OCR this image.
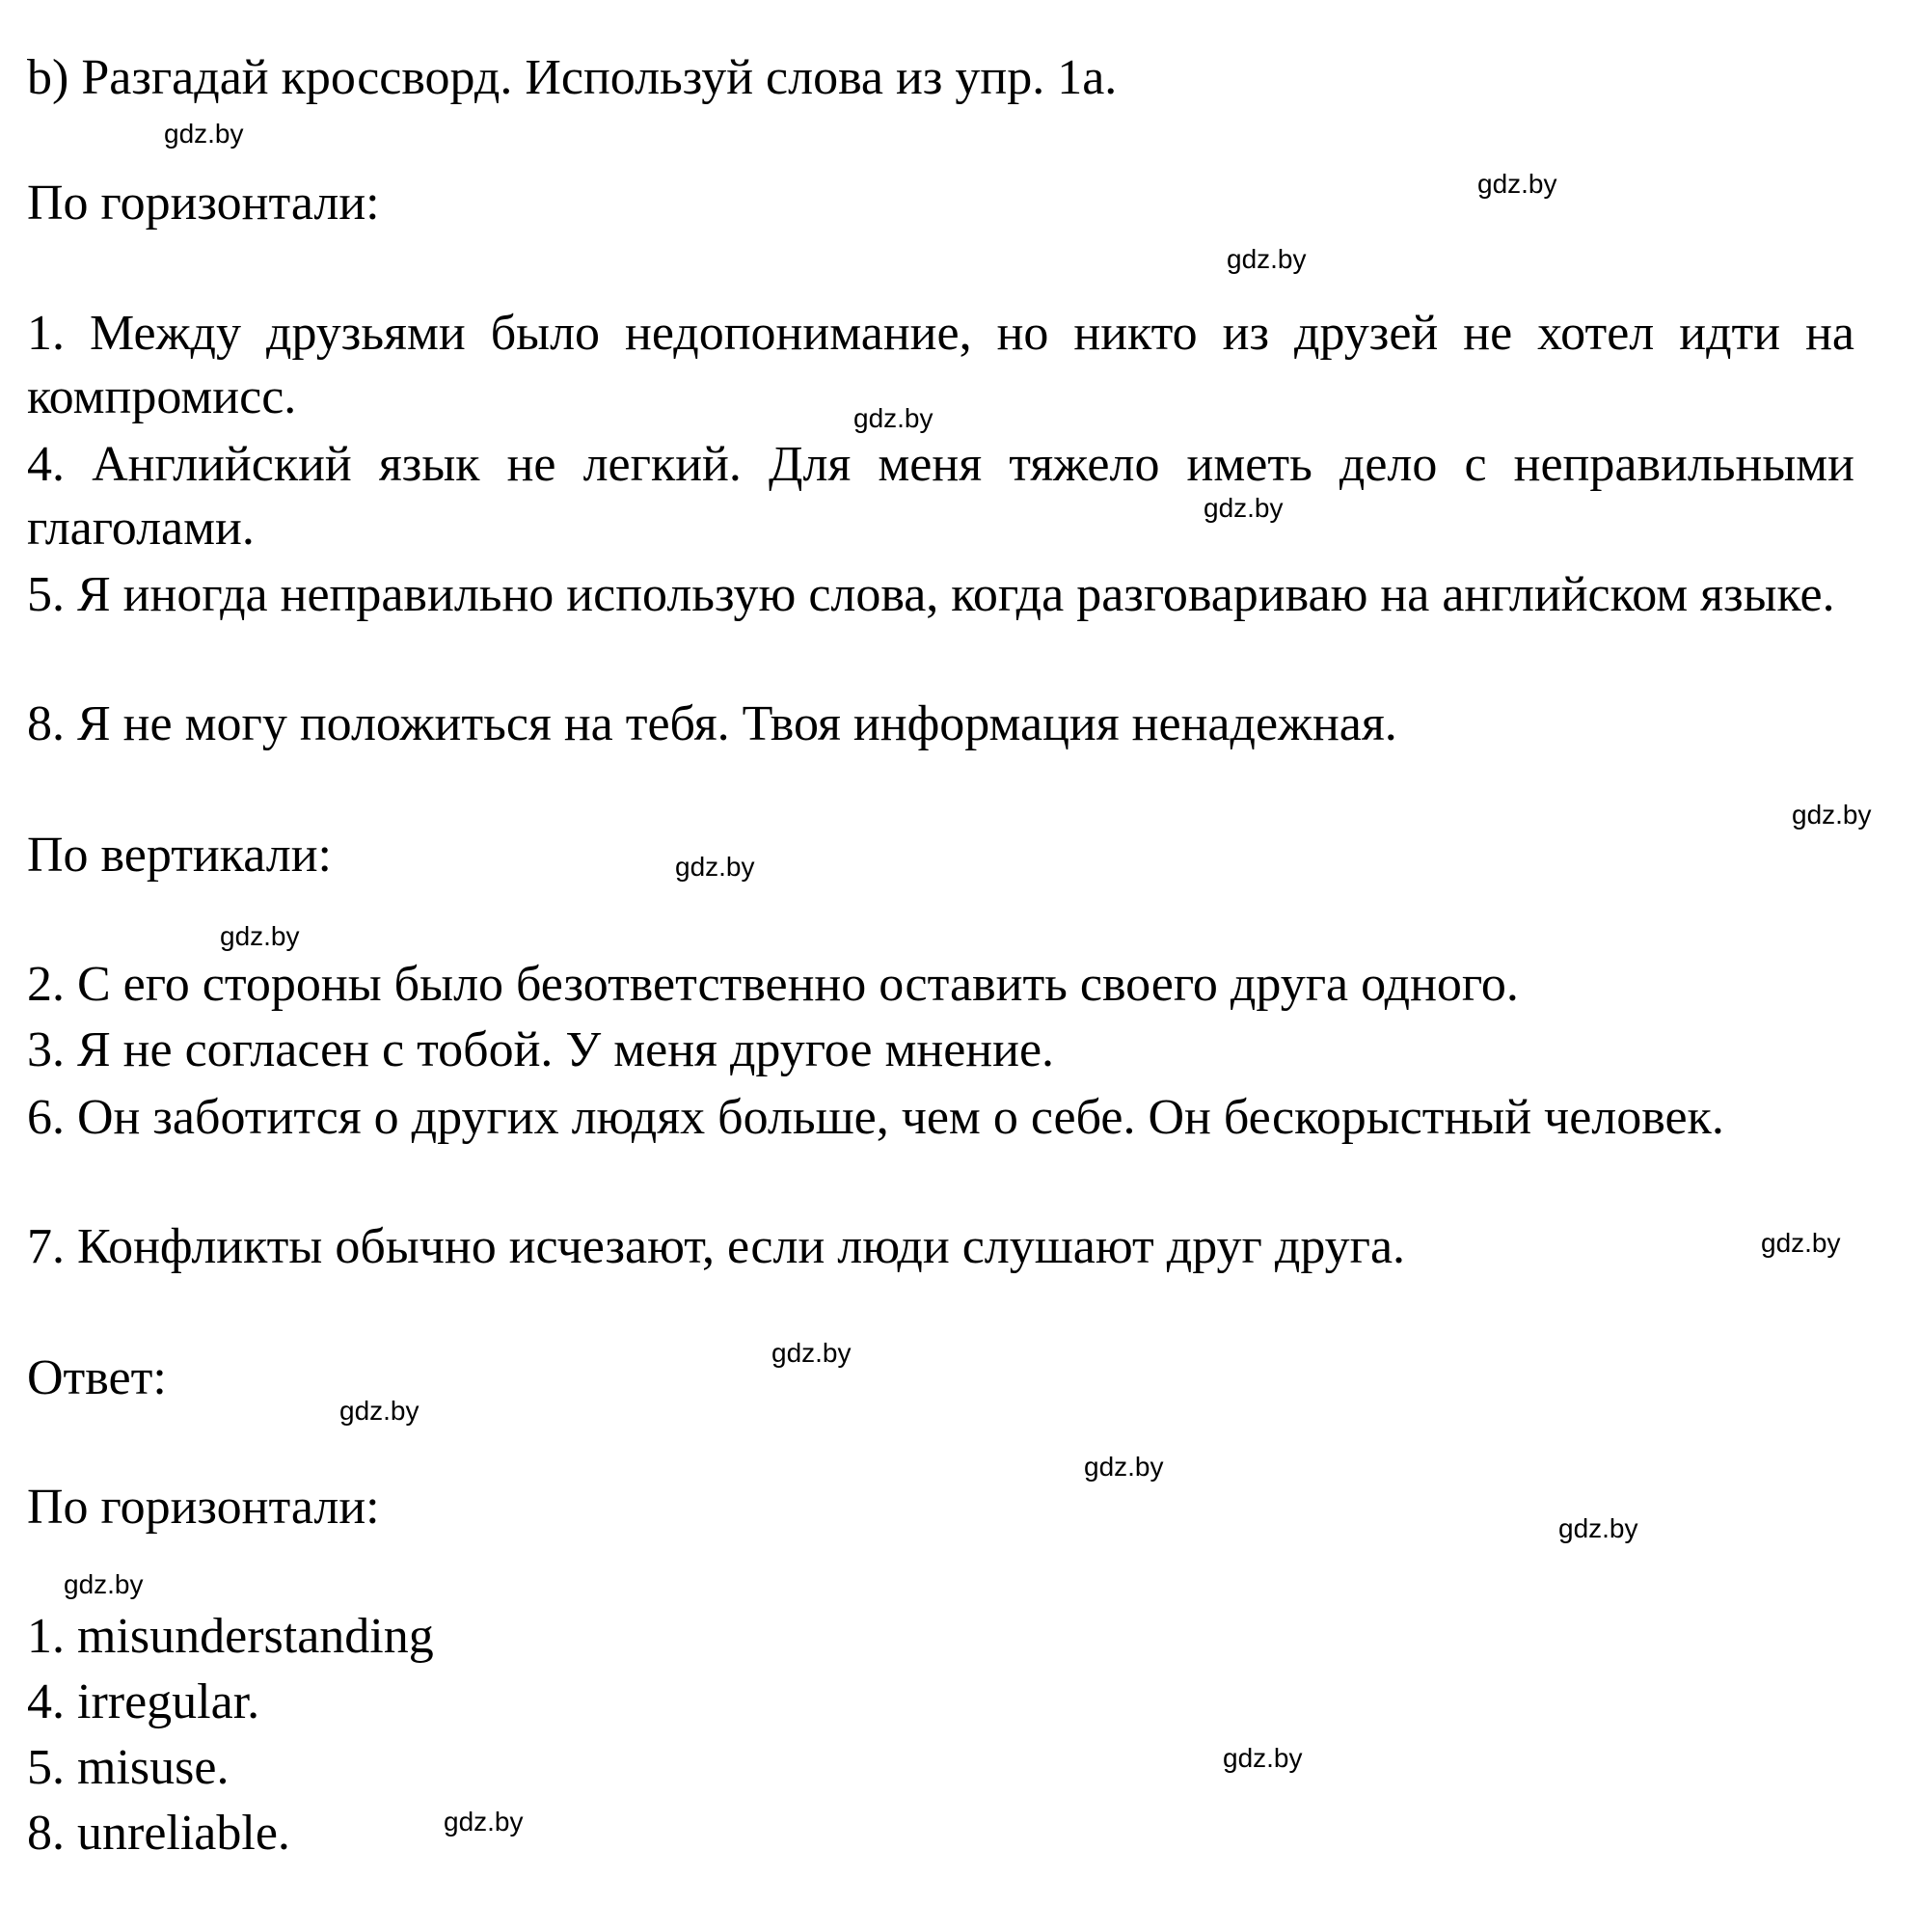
b) Разгадай кроссворд. Используй слова из упр. 1a.
По горизонтали:
1. Между друзьями было недопонимание, но никто из друзей не хотел идти на компромисс.
4. Английский язык не легкий. Для меня тяжело иметь дело с неправильными глаголами.
5. Я иногда неправильно использую слова, когда разговариваю на английском языке.
8. Я не могу положиться на тебя. Твоя информация ненадежная.
По вертикали:
2. С его стороны было безответственно оставить своего друга одного.
3. Я не согласен с тобой. У меня другое мнение.
6. Он заботится о других людях больше, чем о себе. Он бескорыстный человек.
7. Конфликты обычно исчезают, если люди слушают друг друга.
Ответ:
По горизонтали:
1. misunderstanding
4. irregular.
5. misuse.
8. unreliable.
gdz.by
gdz.by
gdz.by
gdz.by
gdz.by
gdz.by
gdz.by
gdz.by
gdz.by
gdz.by
gdz.by
gdz.by
gdz.by
gdz.by
gdz.by
gdz.by
